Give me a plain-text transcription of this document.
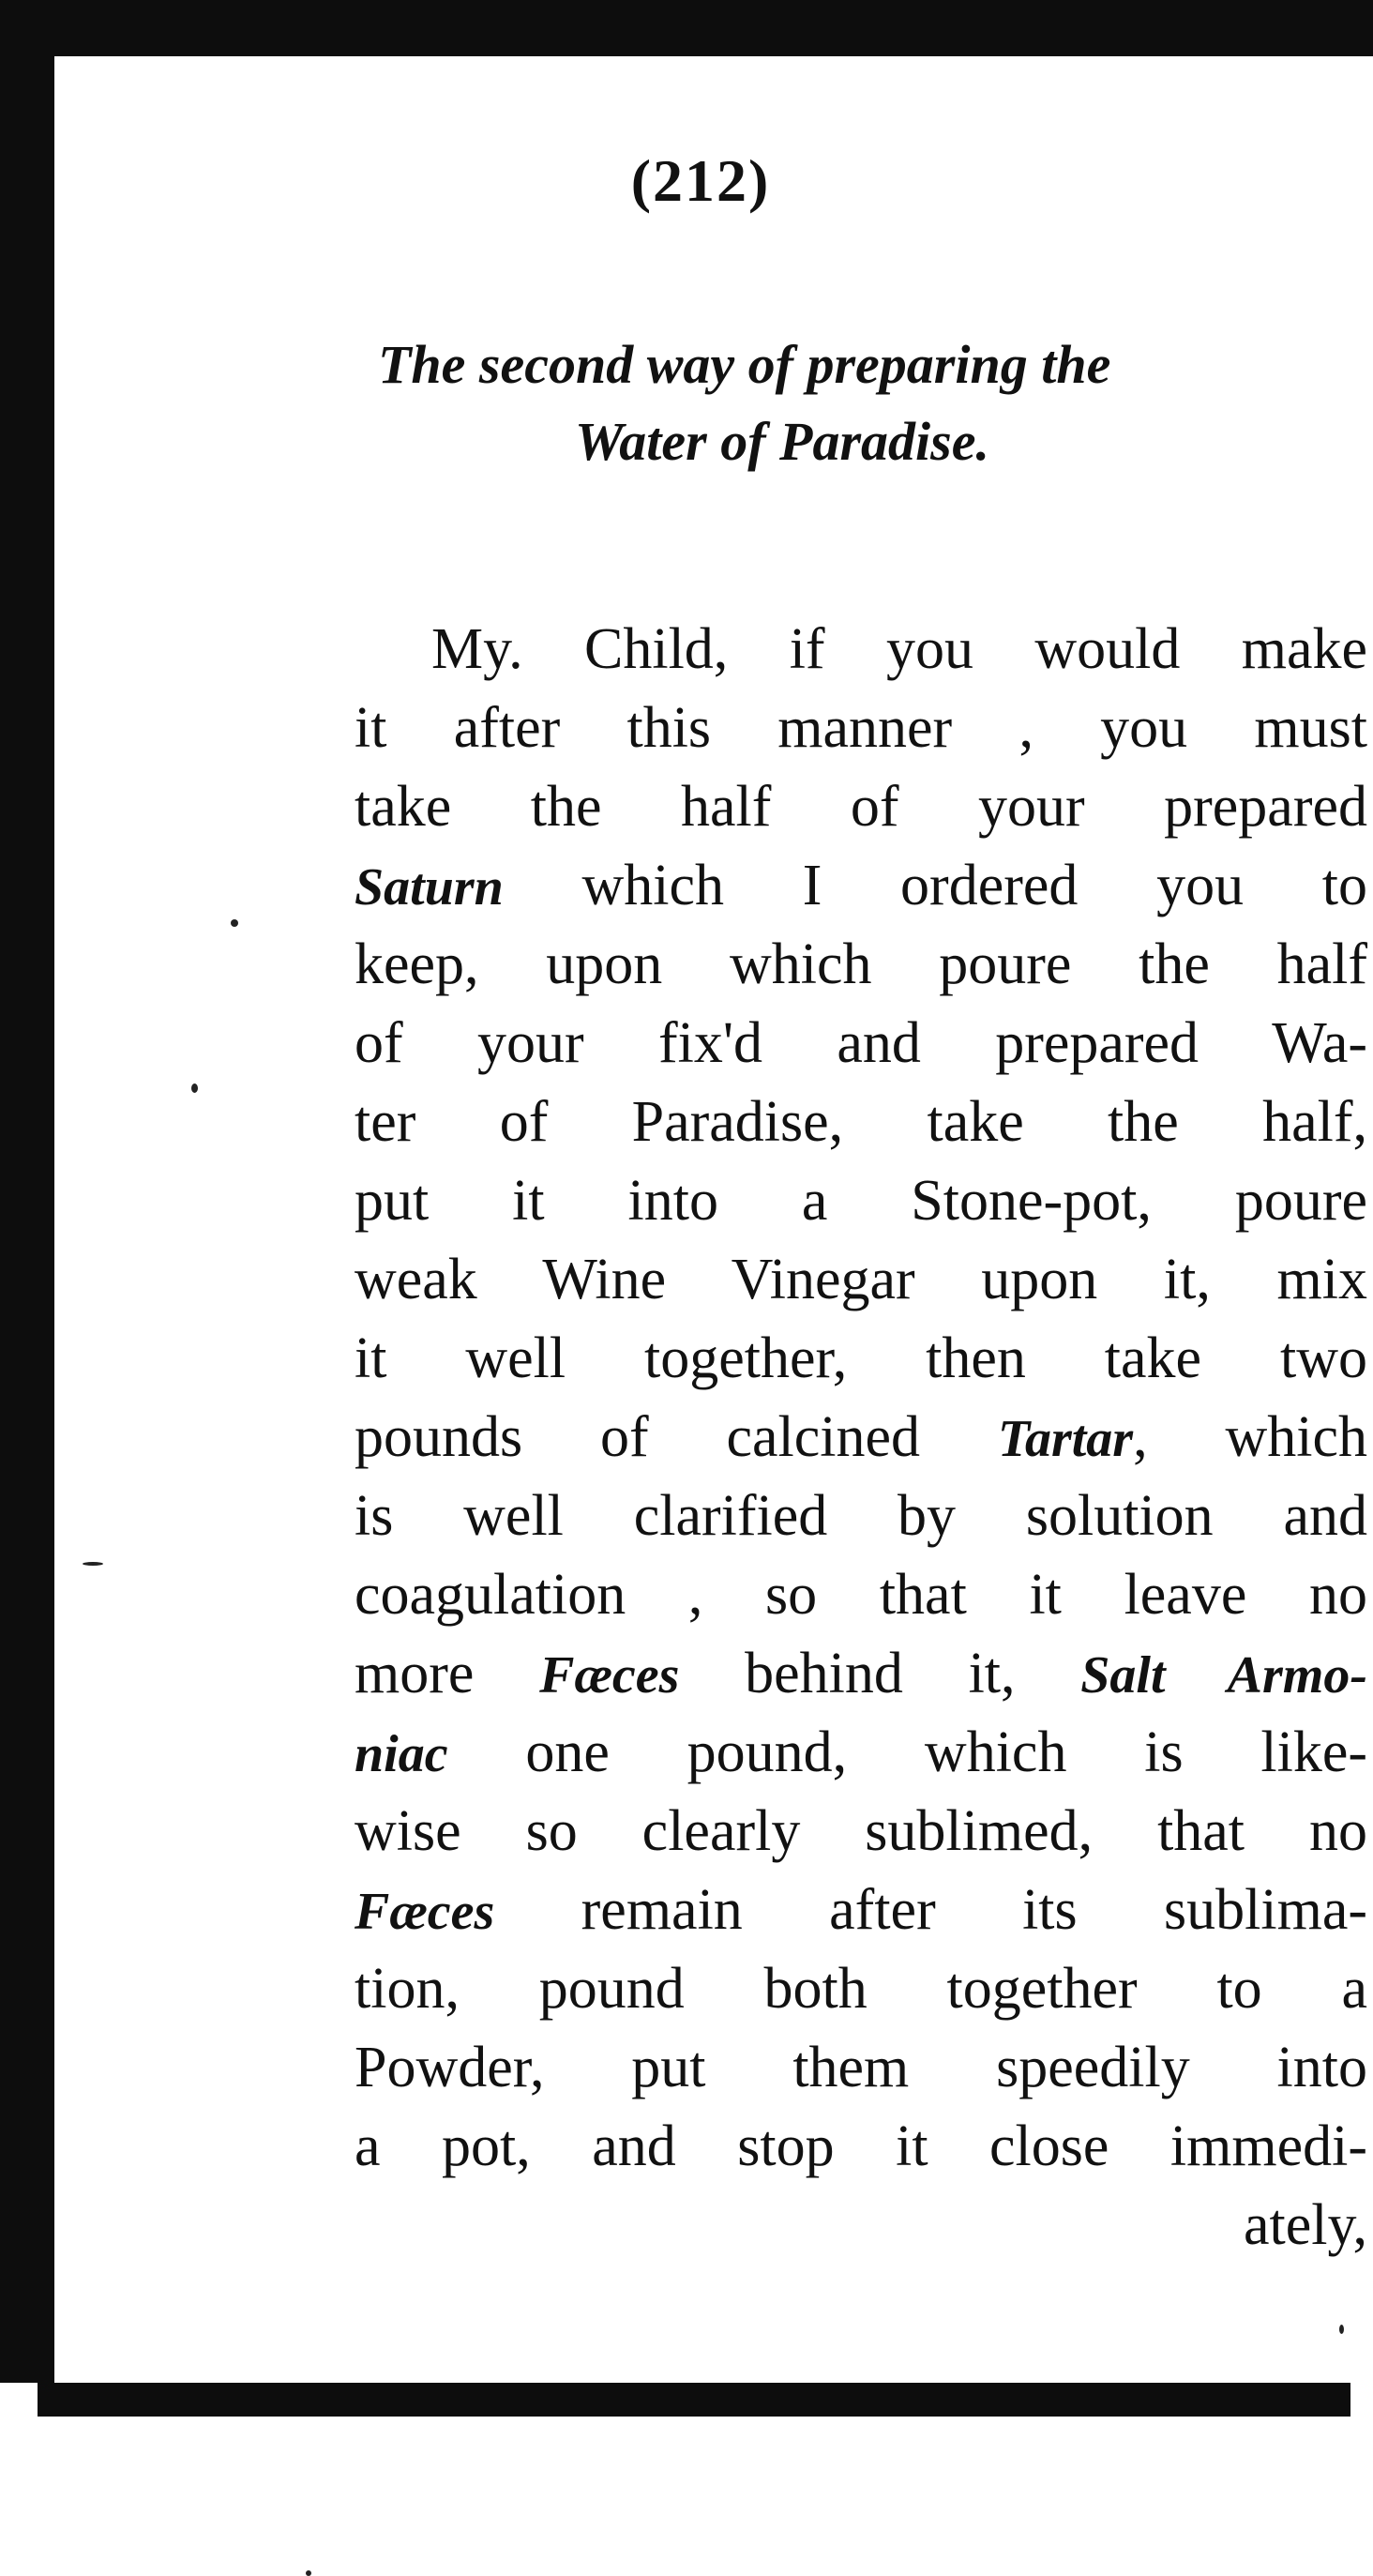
(212)
The second way of preparing the
Water of Paradise.
My. Child, if you would make
it after this manner , you must
take the half of your prepared
Saturn which I ordered you to
keep, upon which poure the half
of your fix'd and prepared Wa-
ter of Paradise, take the half,
put it into a Stone-pot, poure
weak Wine Vinegar upon it, mix
it well together, then take two
pounds of calcined Tartar, which
is well clarified by solution and
coagulation , so that it leave no
more Fæces behind it, Salt Armo-
niac one pound, which is like-
wise so clearly sublimed, that no
Fæces remain after its sublima-
tion, pound both together to a
Powder, put them speedily into
a pot, and stop it close immedi-
ately,
